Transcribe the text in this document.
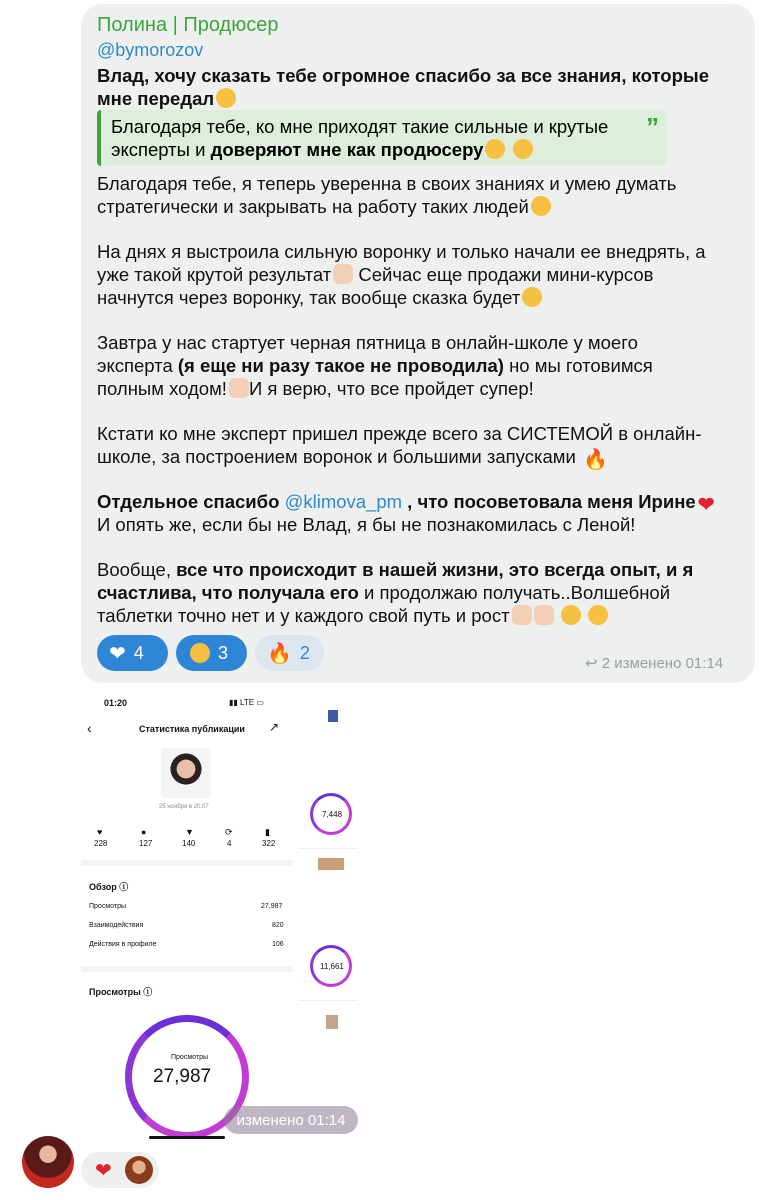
Полина | Продюсер
@bymorozov
Влад, хочу сказать тебе огромное спасибо за все знания, которые
мне передал
Благодаря тебе, ко мне приходят такие сильные и крутые
эксперты и доверяют мне как продюсеру
”
Благодаря тебе, я теперь уверенна в своих знаниях и умею думать
стратегически и закрывать на работу таких людей
На днях я выстроила сильную воронку и только начали ее внедрять, а
уже такой крутой результат Сейчас еще продажи мини-курсов
начнутся через воронку, так вообще сказка будет
Завтра у нас стартует черная пятница в онлайн-школе у моего
эксперта (я еще ни разу такое не проводила) но мы готовимся
полным ходом! И я верю, что все пройдет супер!
Кстати ко мне эксперт пришел прежде всего за СИСТЕМОЙ в онлайн-
школе, за построением воронок и большими запусками 🔥
Отдельное спасибо @klimova_pm , что посоветовала меня Ирине ❤
И опять же, если бы не Влад, я бы не познакомилась с Леной!
Вообще, все что происходит в нашей жизни, это всегда опыт, и я
счастлива, что получала его и продолжаю получать..Волшебной
таблетки точно нет и у каждого свой путь и рост
❤ 4	3 🔥 2
↩ 2 изменено 01:14
01:20	▮▮ LTE ▭
‹	Статистика публикации ↗
25 ноября в 20:07
♥	●	▼	⟳	▮
228	127	140	4	322
Обзор ⓘ
Просмотры	27,987
Взаимодействия	820
Действия в профиле	106
Просмотры ⓘ
Просмотры
27,987
7,448
11,661
изменено 01:14
❤
